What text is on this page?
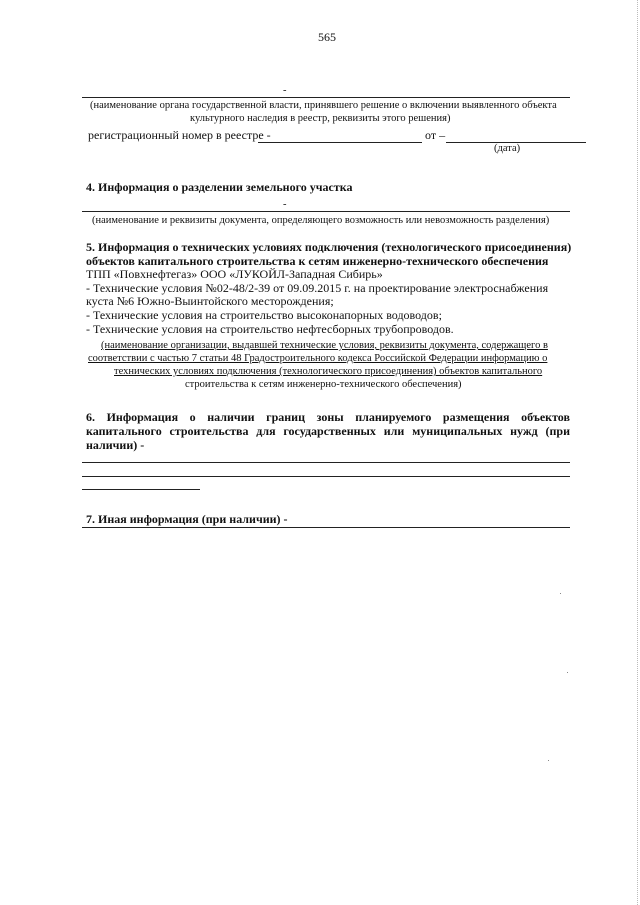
565
-
(наименование органа государственной власти, принявшего решение о включении выявленного объекта
культурного наследия в реестр, реквизиты этого решения)
регистрационный номер в реестре -	от –
(дата)
4. Информация о разделении земельного участка
-
(наименование и реквизиты документа, определяющего возможность или невозможность разделения)
5. Информация о технических условиях подключения (технологического присоединения)
объектов капитального строительства к сетям инженерно-технического обеспечения
ТПП «Повхнефтегаз» ООО «ЛУКОЙЛ-Западная Сибирь»
- Технические условия №02-48/2-39 от 09.09.2015 г. на проектирование электроснабжения
куста №6 Южно-Выинтойского месторождения;
- Технические условия на строительство высоконапорных водоводов;
- Технические условия на строительство нефтесборных трубопроводов.
(наименование организации, выдавшей технические условия, реквизиты документа, содержащего в
соответствии с частью 7 статьи 48 Градостроительного кодекса Российской Федерации информацию о
технических условиях подключения (технологического присоединения) объектов капитального
строительства к сетям инженерно-технического обеспечения)
6. Информация о наличии границ зоны планируемого размещения объектов
капитального строительства для государственных или муниципальных нужд (при
наличии) -
7. Иная информация (при наличии) -
